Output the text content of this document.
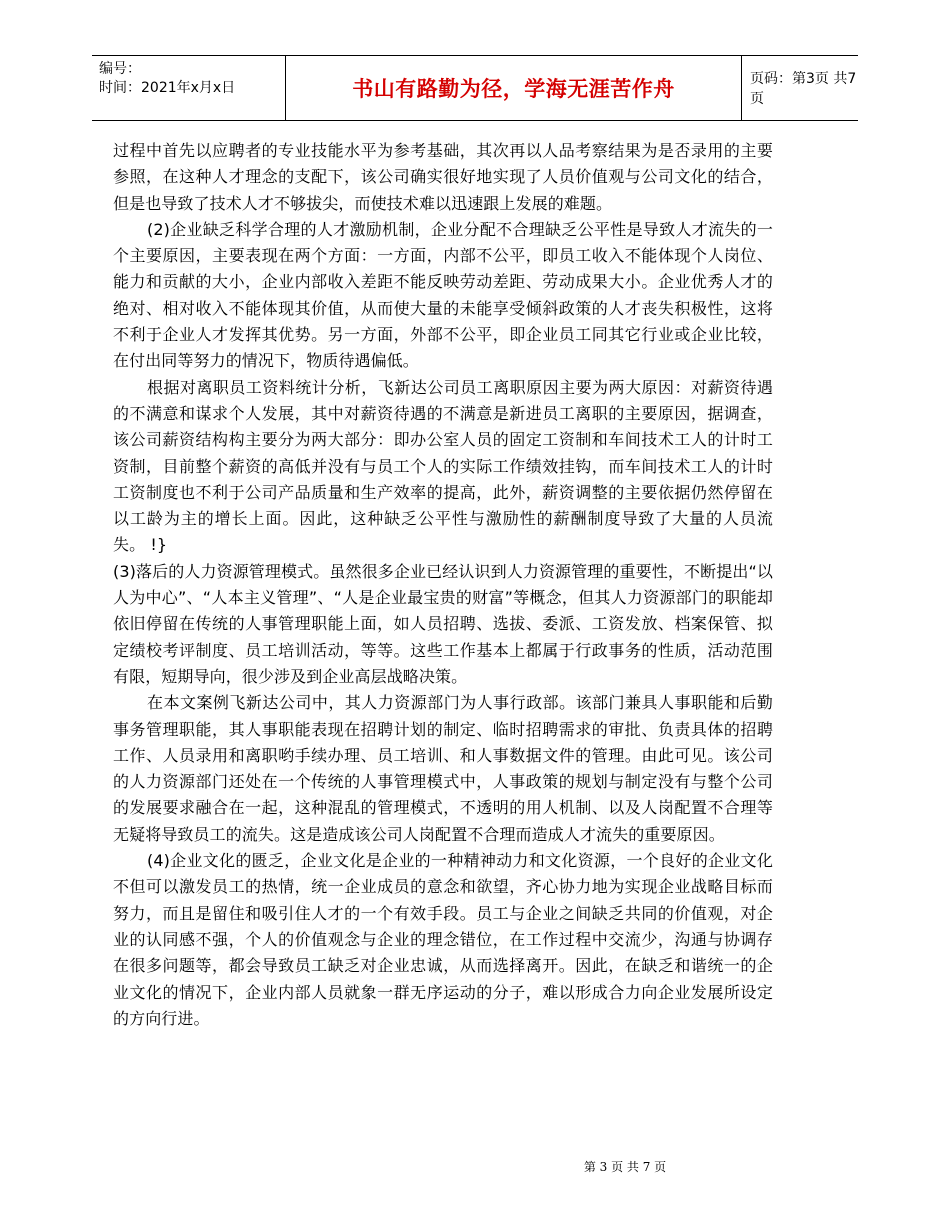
编号：
时间：2021年x月x日	书山有路勤为径，学海无涯苦作舟	页码：第3页 共7页

过程中首先以应聘者的专业技能水平为参考基础，其次再以人品考察结果为是否录用的主要参照，在这种人才理念的支配下，该公司确实很好地实现了人员价值观与公司文化的结合，但是也导致了技术人才不够拔尖，而使技术难以迅速跟上发展的难题。

(2)企业缺乏科学合理的人才激励机制，企业分配不合理缺乏公平性是导致人才流失的一个主要原因，主要表现在两个方面：一方面，内部不公平，即员工收入不能体现个人岗位、能力和贡献的大小，企业内部收入差距不能反映劳动差距、劳动成果大小。企业优秀人才的绝对、相对收入不能体现其价值，从而使大量的未能享受倾斜政策的人才丧失积极性，这将不利于企业人才发挥其优势。另一方面，外部不公平，即企业员工同其它行业或企业比较，在付出同等努力的情况下，物质待遇偏低。

根据对离职员工资料统计分析，飞新达公司员工离职原因主要为两大原因：对薪资待遇的不满意和谋求个人发展，其中对薪资待遇的不满意是新进员工离职的主要原因，据调查，该公司薪资结构构主要分为两大部分：即办公室人员的固定工资制和车间技术工人的计时工资制，目前整个薪资的高低并没有与员工个人的实际工作绩效挂钩，而车间技术工人的计时工资制度也不利于公司产品质量和生产效率的提高，此外，薪资调整的主要依据仍然停留在以工龄为主的增长上面。因此，这种缺乏公平性与激励性的薪酬制度导致了大量的人员流失。 !}

(3)落后的人力资源管理模式。虽然很多企业已经认识到人力资源管理的重要性，不断提出“以人为中心”、“人本主义管理”、“人是企业最宝贵的财富”等概念，但其人力资源部门的职能却依旧停留在传统的人事管理职能上面，如人员招聘、选拔、委派、工资发放、档案保管、拟定绩校考评制度、员工培训活动，等等。这些工作基本上都属于行政事务的性质，活动范围有限，短期导向，很少涉及到企业高层战略决策。

在本文案例飞新达公司中，其人力资源部门为人事行政部。该部门兼具人事职能和后勤事务管理职能，其人事职能表现在招聘计划的制定、临时招聘需求的审批、负责具体的招聘工作、人员录用和离职哟手续办理、员工培训、和人事数据文件的管理。由此可见。该公司的人力资源部门还处在一个传统的人事管理模式中，人事政策的规划与制定没有与整个公司的发展要求融合在一起，这种混乱的管理模式，不透明的用人机制、以及人岗配置不合理等无疑将导致员工的流失。这是造成该公司人岗配置不合理而造成人才流失的重要原因。

(4)企业文化的匮乏，企业文化是企业的一种精神动力和文化资源，一个良好的企业文化不但可以激发员工的热情，统一企业成员的意念和欲望，齐心协力地为实现企业战略目标而努力，而且是留住和吸引住人才的一个有效手段。员工与企业之间缺乏共同的价值观，对企业的认同感不强，个人的价值观念与企业的理念错位，在工作过程中交流少，沟通与协调存在很多问题等，都会导致员工缺乏对企业忠诚，从而选择离开。因此，在缺乏和谐统一的企业文化的情况下，企业内部人员就象一群无序运动的分子，难以形成合力向企业发展所设定的方向行进。

第 3 页 共 7 页
